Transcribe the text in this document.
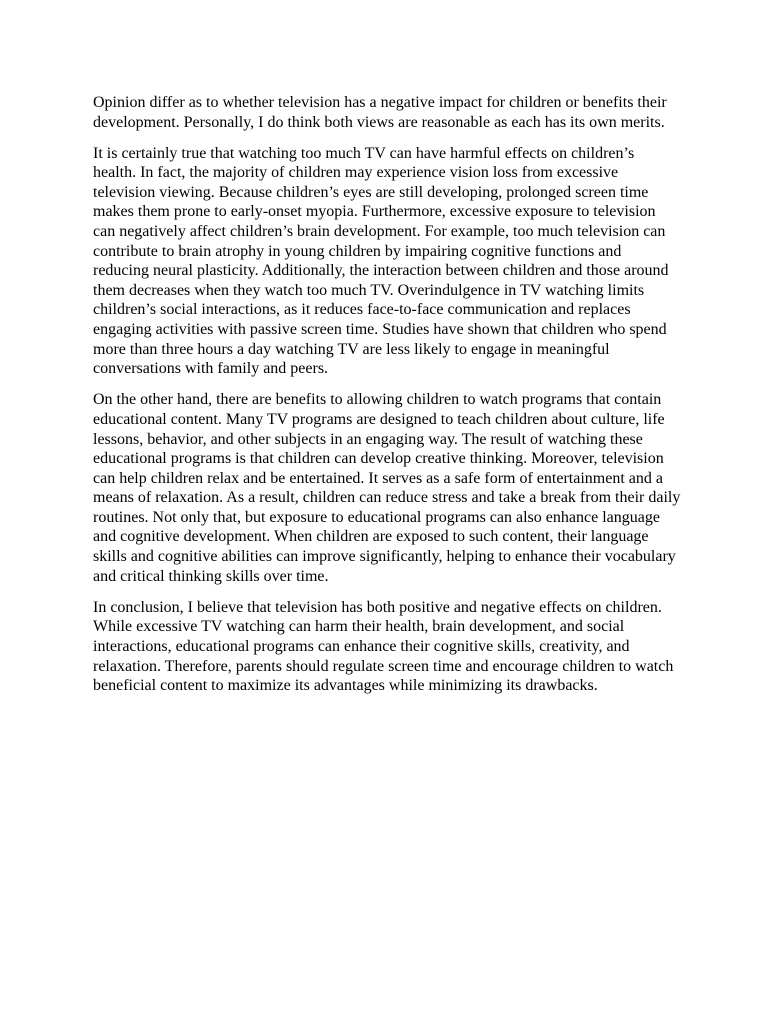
Opinion differ as to whether television has a negative impact for children or benefits their development. Personally, I do think both views are reasonable as each has its own merits.

It is certainly true that watching too much TV can have harmful effects on children’s health. In fact, the majority of children may experience vision loss from excessive television viewing. Because children’s eyes are still developing, prolonged screen time makes them prone to early-onset myopia. Furthermore, excessive exposure to television can negatively affect children’s brain development. For example, too much television can contribute to brain atrophy in young children by impairing cognitive functions and reducing neural plasticity. Additionally, the interaction between children and those around them decreases when they watch too much TV. Overindulgence in TV watching limits children’s social interactions, as it reduces face-to-face communication and replaces engaging activities with passive screen time. Studies have shown that children who spend more than three hours a day watching TV are less likely to engage in meaningful conversations with family and peers.

On the other hand, there are benefits to allowing children to watch programs that contain educational content. Many TV programs are designed to teach children about culture, life lessons, behavior, and other subjects in an engaging way. The result of watching these educational programs is that children can develop creative thinking. Moreover, television can help children relax and be entertained. It serves as a safe form of entertainment and a means of relaxation. As a result, children can reduce stress and take a break from their daily routines. Not only that, but exposure to educational programs can also enhance language and cognitive development. When children are exposed to such content, their language skills and cognitive abilities can improve significantly, helping to enhance their vocabulary and critical thinking skills over time.

In conclusion, I believe that television has both positive and negative effects on children. While excessive TV watching can harm their health, brain development, and social interactions, educational programs can enhance their cognitive skills, creativity, and relaxation. Therefore, parents should regulate screen time and encourage children to watch beneficial content to maximize its advantages while minimizing its drawbacks.
